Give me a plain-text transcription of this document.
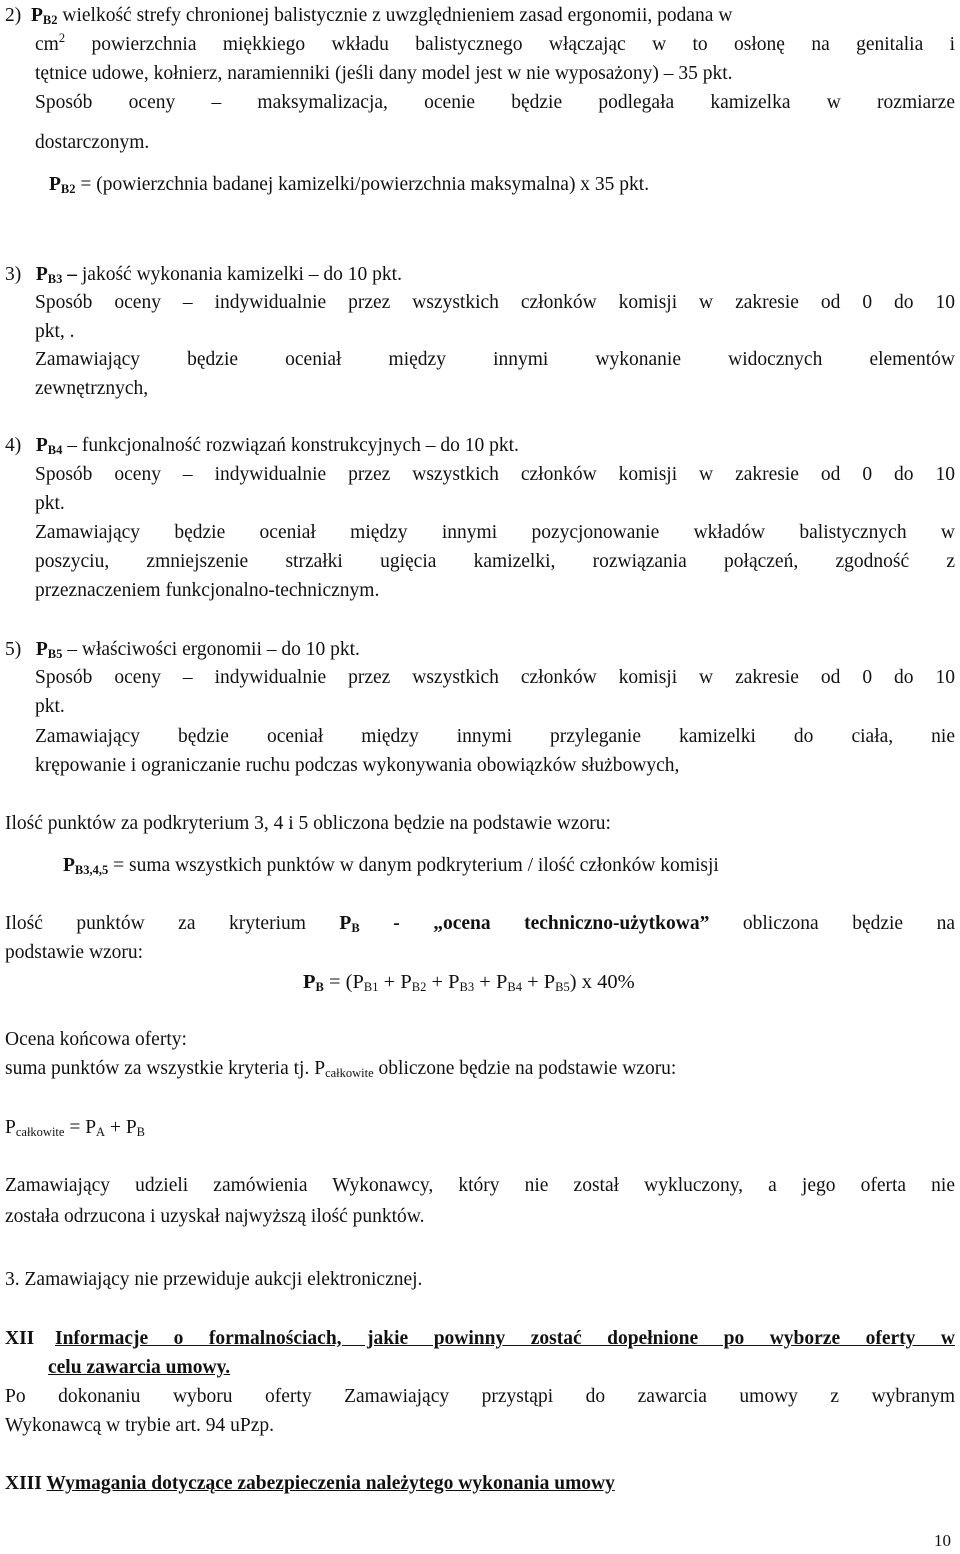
2) $P_{B2}$ wielkość strefy chronionej balistycznie z uwzględnieniem zasad ergonomii, podana w
$cm^2$ powierzchnia miękkiego wkładu balistycznego włączając w to osłonę na genitalia i
tętnice udowe, kołnierz, naramienniki (jeśli dany model jest w nie wyposażony) – 35 pkt.
Sposób oceny – maksymalizacja, ocenie będzie podlegała kamizelka w rozmiarze
dostarczonym.
$P_{B2}$ = (powierzchnia badanej kamizelki/powierzchnia maksymalna) x 35 pkt.
3) $P_{B3}$ – jakość wykonania kamizelki – do 10 pkt.
Sposób oceny – indywidualnie przez wszystkich członków komisji w zakresie od 0 do 10
pkt, .
Zamawiający będzie oceniał między innymi wykonanie widocznych elementów
zewnętrznych,
4) $P_{B4}$ – funkcjonalność rozwiązań konstrukcyjnych – do 10 pkt.
Sposób oceny – indywidualnie przez wszystkich członków komisji w zakresie od 0 do 10
pkt.
Zamawiający będzie oceniał między innymi pozycjonowanie wkładów balistycznych w
poszyciu, zmniejszenie strzałki ugięcia kamizelki, rozwiązania połączeń, zgodność z
przeznaczeniem funkcjonalno-technicznym.
5) $P_{B5}$ – właściwości ergonomii – do 10 pkt.
Sposób oceny – indywidualnie przez wszystkich członków komisji w zakresie od 0 do 10
pkt.
Zamawiający będzie oceniał między innymi przyleganie kamizelki do ciała, nie
krępowanie i ograniczanie ruchu podczas wykonywania obowiązków służbowych,
Ilość punktów za podkryterium 3, 4 i 5 obliczona będzie na podstawie wzoru:
$P_{B3,4,5}$ = suma wszystkich punktów w danym podkryterium / ilość członków komisji
Ilość punktów za kryterium $P_B$ - „ocena techniczno-użytkowa” obliczona będzie na
podstawie wzoru:
$P_B = (P_{B1} + P_{B2} + P_{B3} + P_{B4} + P_{B5})$ x 40%
Ocena końcowa oferty:
suma punktów za wszystkie kryteria tj. $P_{całkowite}$ obliczone będzie na podstawie wzoru:
$P_{całkowite} = P_A + P_B$
Zamawiający udzieli zamówienia Wykonawcy, który nie został wykluczony, a jego oferta nie
została odrzucona i uzyskał najwyższą ilość punktów.
3. Zamawiający nie przewiduje aukcji elektronicznej.
XII Informacje o formalnościach, jakie powinny zostać dopełnione po wyborze oferty w
celu zawarcia umowy.
Po dokonaniu wyboru oferty Zamawiający przystąpi do zawarcia umowy z wybranym
Wykonawcą w trybie art. 94 uPzp.
XIII Wymagania dotyczące zabezpieczenia należytego wykonania umowy
10
